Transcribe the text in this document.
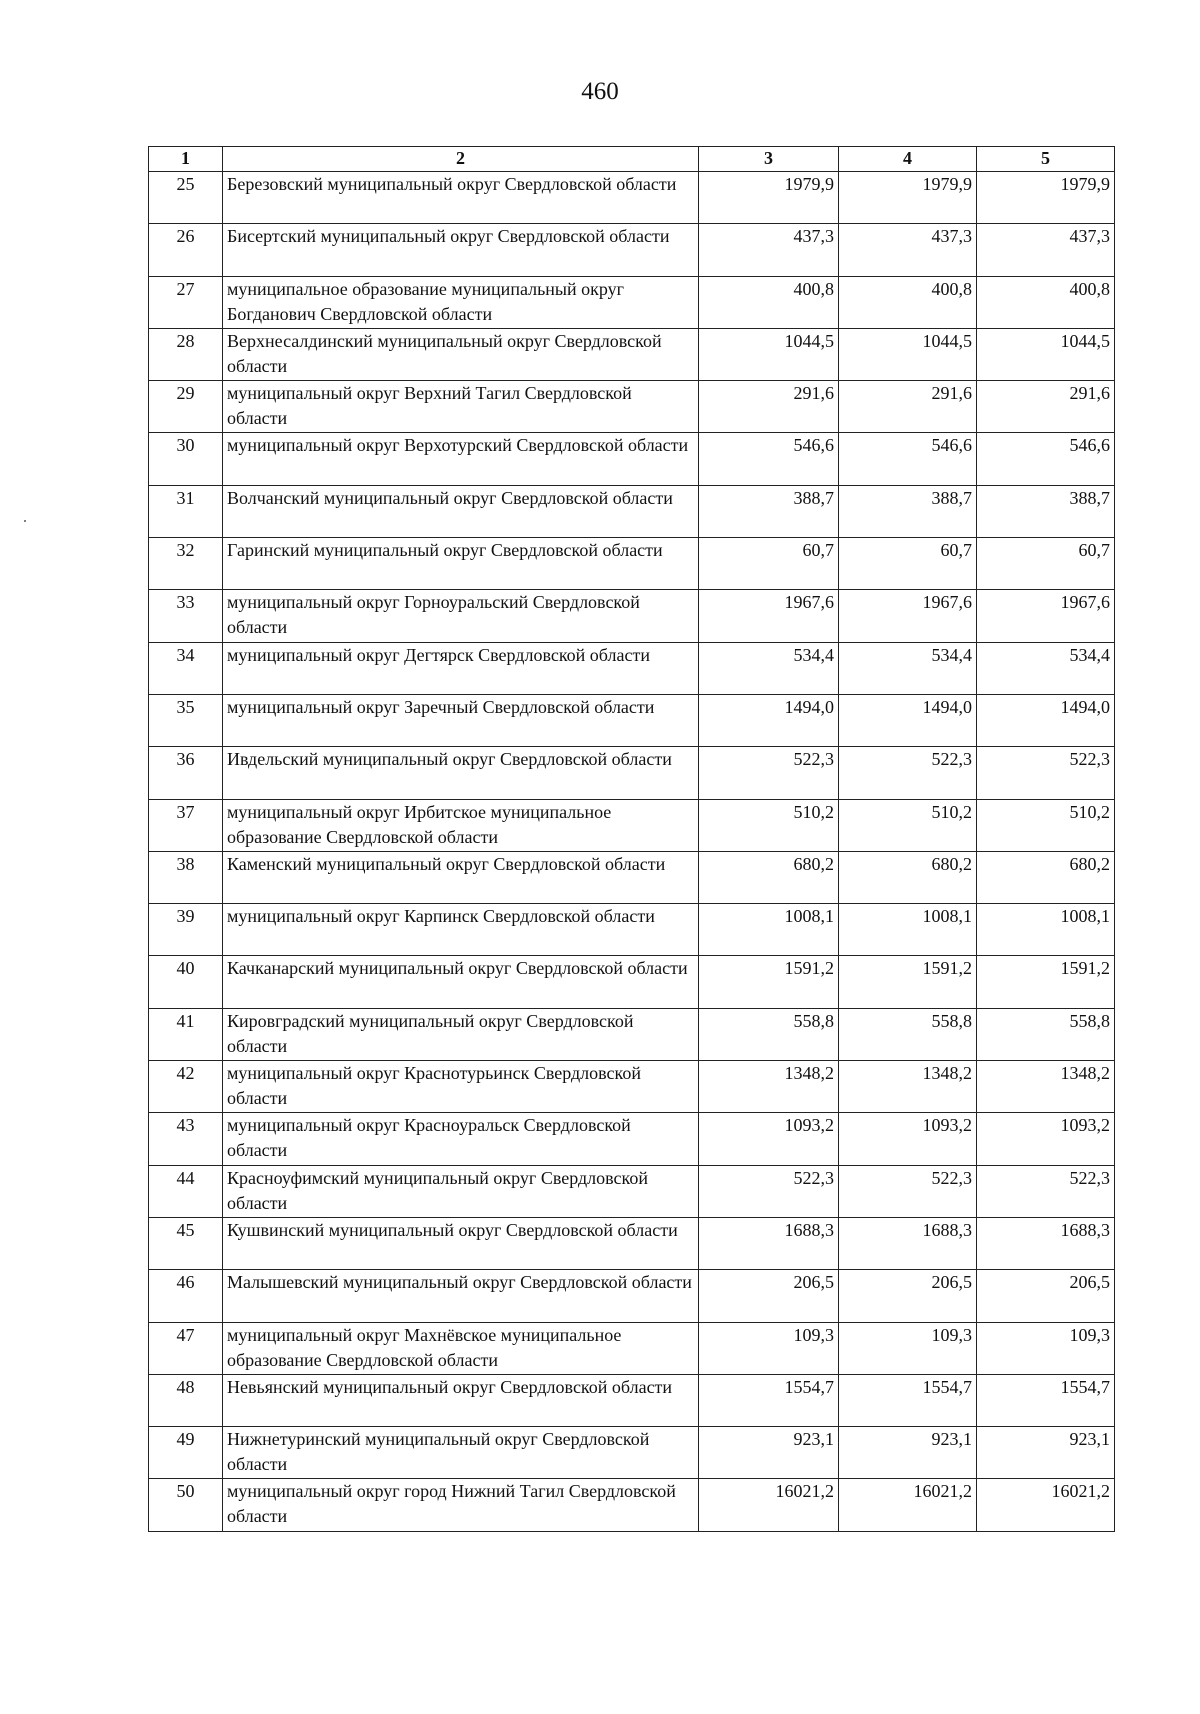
460
1	2	3	4	5
25	Березовский муниципальный округ Свердловской области	1979,9	1979,9	1979,9
26	Бисертский муниципальный округ Свердловской области	437,3	437,3	437,3
27	муниципальное образование муниципальный округ Богданович Свердловской области	400,8	400,8	400,8
28	Верхнесалдинский муниципальный округ Свердловской области	1044,5	1044,5	1044,5
29	муниципальный округ Верхний Тагил Свердловской области	291,6	291,6	291,6
30	муниципальный округ Верхотурский Свердловской области	546,6	546,6	546,6
31	Волчанский муниципальный округ Свердловской области	388,7	388,7	388,7
32	Гаринский муниципальный округ Свердловской области	60,7	60,7	60,7
33	муниципальный округ Горноуральский Свердловской области	1967,6	1967,6	1967,6
34	муниципальный округ Дегтярск Свердловской области	534,4	534,4	534,4
35	муниципальный округ Заречный Свердловской области	1494,0	1494,0	1494,0
36	Ивдельский муниципальный округ Свердловской области	522,3	522,3	522,3
37	муниципальный округ Ирбитское муниципальное образование Свердловской области	510,2	510,2	510,2
38	Каменский муниципальный округ Свердловской области	680,2	680,2	680,2
39	муниципальный округ Карпинск Свердловской области	1008,1	1008,1	1008,1
40	Качканарский муниципальный округ Свердловской области	1591,2	1591,2	1591,2
41	Кировградский муниципальный округ Свердловской области	558,8	558,8	558,8
42	муниципальный округ Краснотурьинск Свердловской области	1348,2	1348,2	1348,2
43	муниципальный округ Красноуральск Свердловской области	1093,2	1093,2	1093,2
44	Красноуфимский муниципальный округ Свердловской области	522,3	522,3	522,3
45	Кушвинский муниципальный округ Свердловской области	1688,3	1688,3	1688,3
46	Малышевский муниципальный округ Свердловской области	206,5	206,5	206,5
47	муниципальный округ Махнёвское муниципальное образование Свердловской области	109,3	109,3	109,3
48	Невьянский муниципальный округ Свердловской области	1554,7	1554,7	1554,7
49	Нижнетуринский муниципальный округ Свердловской области	923,1	923,1	923,1
50	муниципальный округ город Нижний Тагил Свердловской области	16021,2	16021,2	16021,2
